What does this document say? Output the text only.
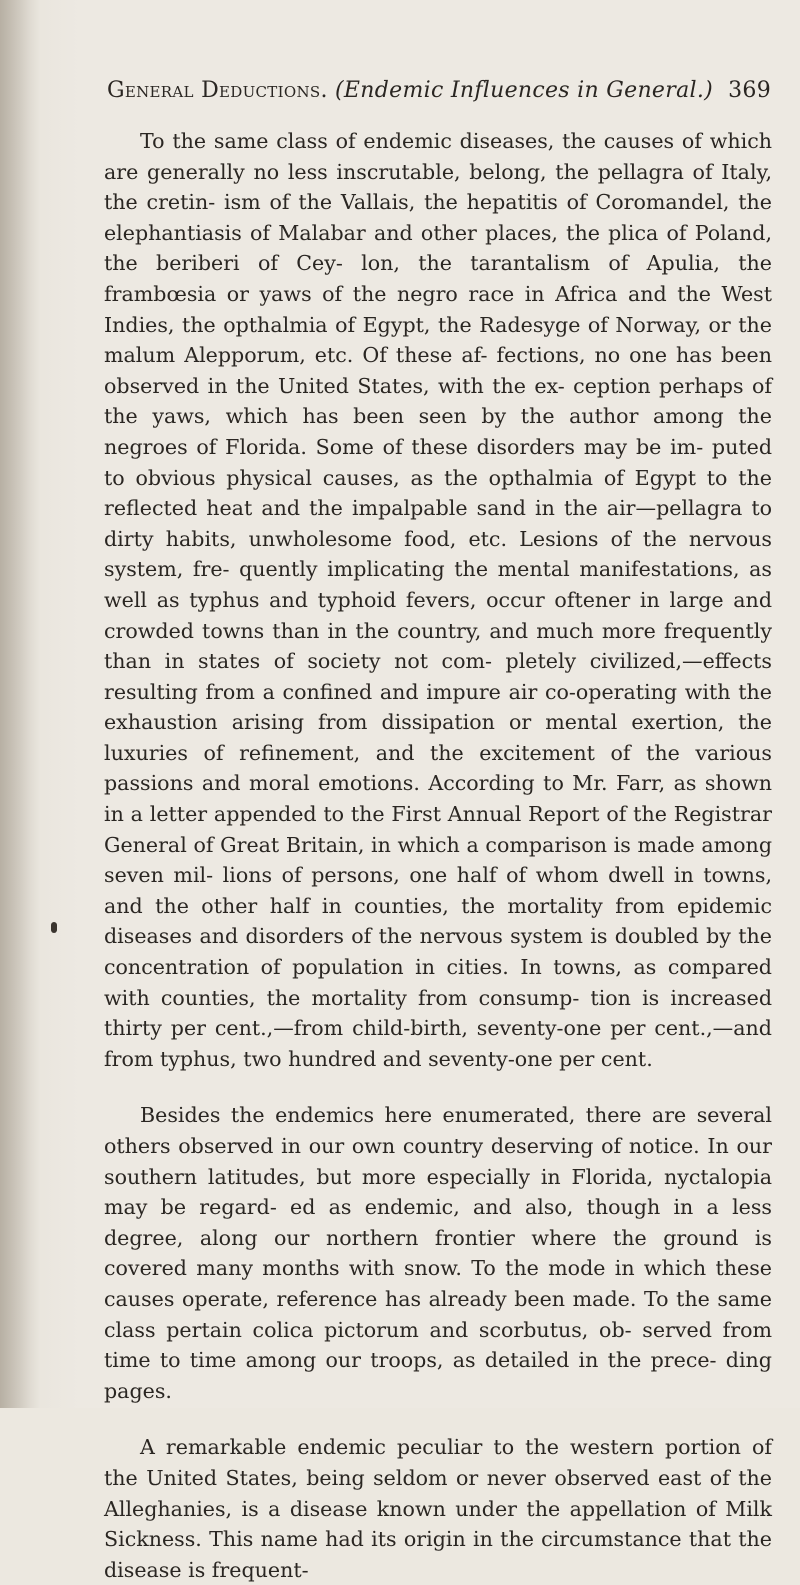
General Deductions. (Endemic Influences in General.) 369

To the same class of endemic diseases, the causes of which are generally no less inscrutable, belong, the pellagra of Italy, the cretin- ism of the Vallais, the hepatitis of Coromandel, the elephantiasis of Malabar and other places, the plica of Poland, the beriberi of Cey- lon, the tarantalism of Apulia, the frambœsia or yaws of the negro race in Africa and the West Indies, the opthalmia of Egypt, the Radesyge of Norway, or the malum Alepporum, etc. Of these af- fections, no one has been observed in the United States, with the ex- ception perhaps of the yaws, which has been seen by the author among the negroes of Florida. Some of these disorders may be im- puted to obvious physical causes, as the opthalmia of Egypt to the reflected heat and the impalpable sand in the air—pellagra to dirty habits, unwholesome food, etc. Lesions of the nervous system, fre- quently implicating the mental manifestations, as well as typhus and typhoid fevers, occur oftener in large and crowded towns than in the country, and much more frequently than in states of society not com- pletely civilized,—effects resulting from a confined and impure air co-operating with the exhaustion arising from dissipation or mental exertion, the luxuries of refinement, and the excitement of the various passions and moral emotions. According to Mr. Farr, as shown in a letter appended to the First Annual Report of the Registrar General of Great Britain, in which a comparison is made among seven mil- lions of persons, one half of whom dwell in towns, and the other half in counties, the mortality from epidemic diseases and disorders of the nervous system is doubled by the concentration of population in cities. In towns, as compared with counties, the mortality from consump- tion is increased thirty per cent.,—from child-birth, seventy-one per cent.,—and from typhus, two hundred and seventy-one per cent.

Besides the endemics here enumerated, there are several others observed in our own country deserving of notice. In our southern latitudes, but more especially in Florida, nyctalopia may be regard- ed as endemic, and also, though in a less degree, along our northern frontier where the ground is covered many months with snow. To the mode in which these causes operate, reference has already been made. To the same class pertain colica pictorum and scorbutus, ob- served from time to time among our troops, as detailed in the prece- ding pages.

A remarkable endemic peculiar to the western portion of the United States, being seldom or never observed east of the Alleghanies, is a disease known under the appellation of Milk Sickness. This name had its origin in the circumstance that the disease is frequent-
